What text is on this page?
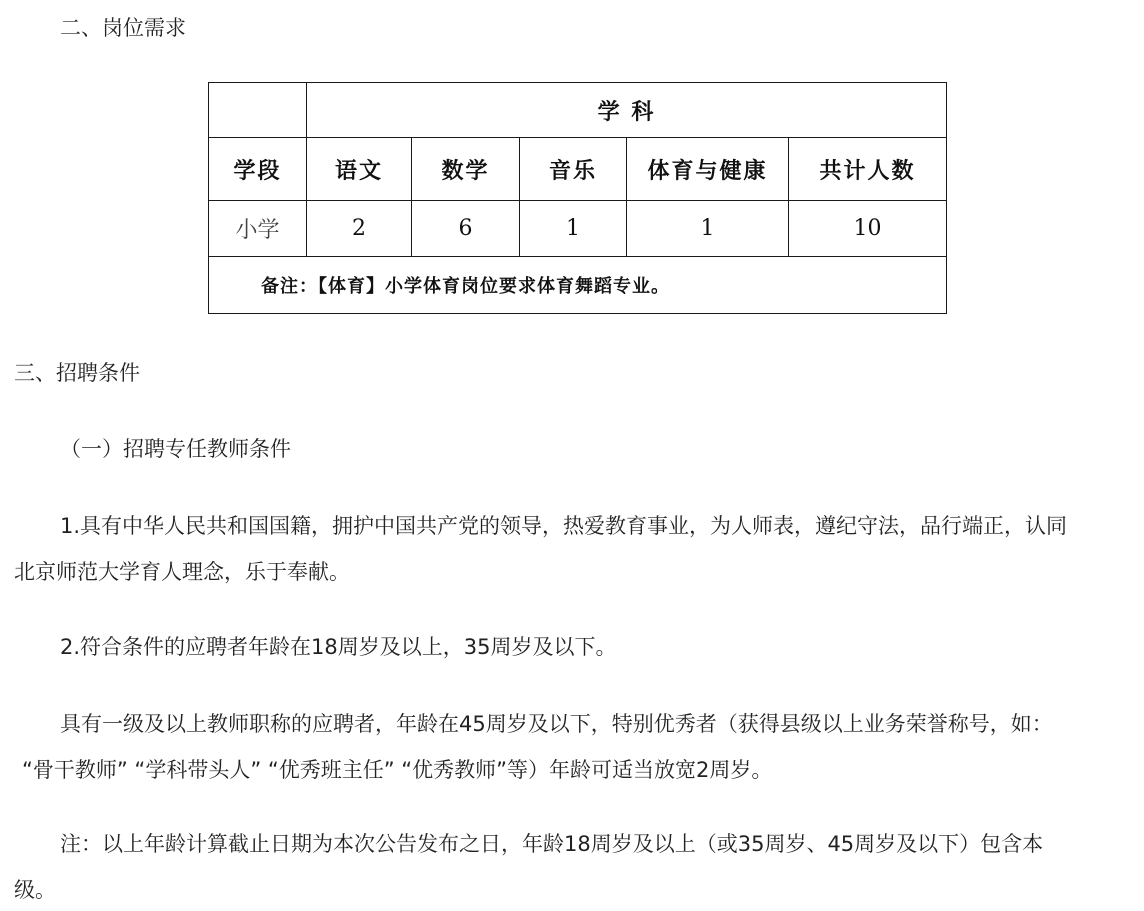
二、岗位需求

	学 科				
学段	语文	数学	音乐	体育与健康	共计人数
小学	2	6	1	1	10
备注：【体育】小学体育岗位要求体育舞蹈专业。					

三、招聘条件

（一）招聘专任教师条件

1.具有中华人民共和国国籍，拥护中国共产党的领导，热爱教育事业，为人师表，遵纪守法，品行端正，认同

北京师范大学育人理念，乐于奉献。

2.符合条件的应聘者年龄在18周岁及以上，35周岁及以下。

具有一级及以上教师职称的应聘者，年龄在45周岁及以下，特别优秀者（获得县级以上业务荣誉称号，如：

“骨干教师” “学科带头人” “优秀班主任” “优秀教师”等）年龄可适当放宽2周岁。

注：以上年龄计算截止日期为本次公告发布之日，年龄18周岁及以上（或35周岁、45周岁及以下）包含本

级。
